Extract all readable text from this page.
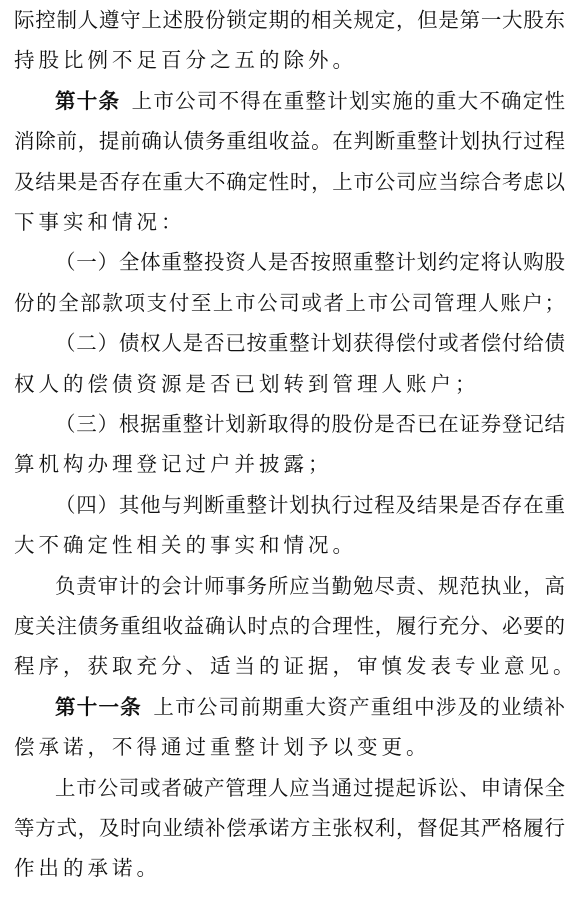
际控制人遵守上述股份锁定期的相关规定，但是第一大股东
持股比例不足百分之五的除外。
第十条  上市公司不得在重整计划实施的重大不确定性
消除前，提前确认债务重组收益。在判断重整计划执行过程
及结果是否存在重大不确定性时，上市公司应当综合考虑以
下事实和情况：
（一）全体重整投资人是否按照重整计划约定将认购股
份的全部款项支付至上市公司或者上市公司管理人账户；
（二）债权人是否已按重整计划获得偿付或者偿付给债
权人的偿债资源是否已划转到管理人账户；
（三）根据重整计划新取得的股份是否已在证券登记结
算机构办理登记过户并披露；
（四）其他与判断重整计划执行过程及结果是否存在重
大不确定性相关的事实和情况。
负责审计的会计师事务所应当勤勉尽责、规范执业，高
度关注债务重组收益确认时点的合理性，履行充分、必要的
程序，获取充分、适当的证据，审慎发表专业意见。
第十一条  上市公司前期重大资产重组中涉及的业绩补
偿承诺，不得通过重整计划予以变更。
上市公司或者破产管理人应当通过提起诉讼、申请保全
等方式，及时向业绩补偿承诺方主张权利，督促其严格履行
作出的承诺。
